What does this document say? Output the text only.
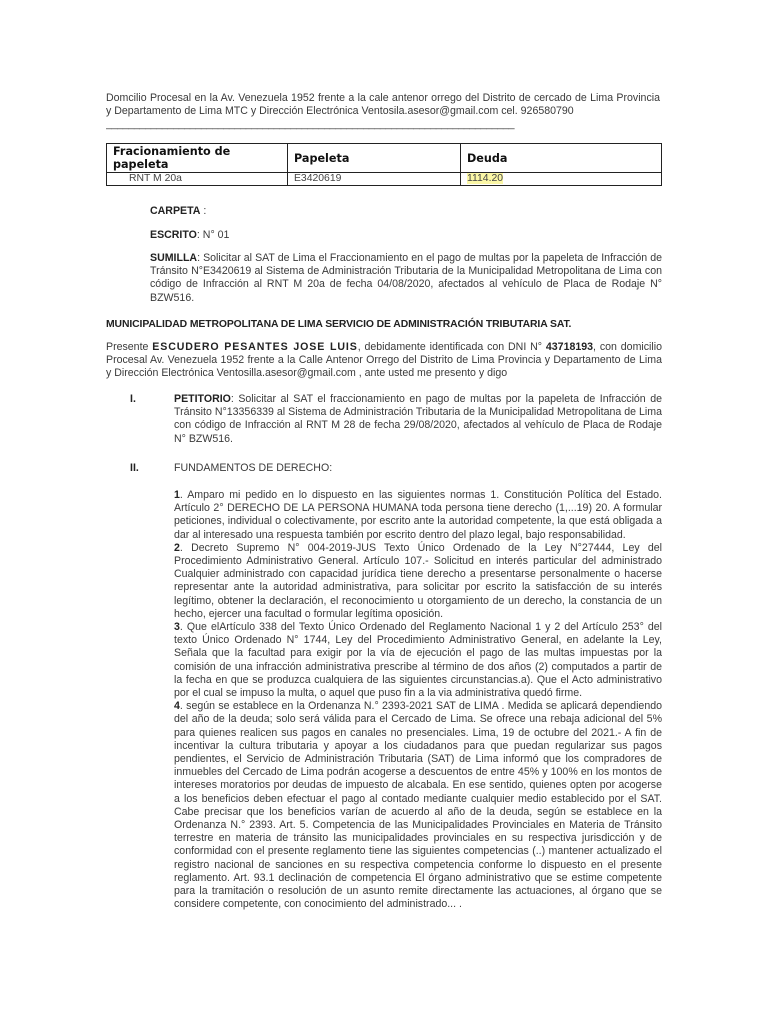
Domcilio Procesal en la Av. Venezuela 1952 frente a la cale antenor orrego del Distrito de cercado de Lima Provincia y Departamento de Lima MTC y Dirección Electrónica Ventosila.asesor@gmail.com cel. 926580790

_________________________________________________________________________
Fracionamiento de papeleta	Papeleta	Deuda
RNT M 20a	E3420619	1114.20

CARPETA :

ESCRITO: N° 01

SUMILLA: Solicitar al SAT de Lima el Fraccionamiento en el pago de multas por la papeleta de Infracción de Tránsito N°E3420619 al Sistema de Administración Tributaria de la Municipalidad Metropolitana de Lima con código de Infracción al RNT M 20a de fecha 04/08/2020, afectados al vehículo de Placa de Rodaje N° BZW516.

MUNICIPALIDAD METROPOLITANA DE LIMA SERVICIO DE ADMINISTRACIÓN TRIBUTARIA SAT.

Presente ESCUDERO PESANTES JOSE LUIS, debidamente identificada con DNI N° 43718193, con domicilio Procesal Av. Venezuela 1952 frente a la Calle Antenor Orrego del Distrito de Lima Provincia y Departamento de Lima y Dirección Electrónica Ventosilla.asesor@gmail.com , ante usted me presento y digo

I.	PETITORIO: Solicitar al SAT el fraccionamiento en pago de multas por la papeleta de Infracción de Tránsito N°13356339 al Sistema de Administración Tributaria de la Municipalidad Metropolitana de Lima con código de Infracción al RNT M 28 de fecha 29/08/2020, afectados al vehículo de Placa de Rodaje N° BZW516.

II.	FUNDAMENTOS DE DERECHO:

1. Amparo mi pedido en lo dispuesto en las siguientes normas 1. Constitución Política del Estado. Artículo 2° DERECHO DE LA PERSONA HUMANA toda persona tiene derecho (1,...19) 20. A formular peticiones, individual o colectivamente, por escrito ante la autoridad competente, la que está obligada a dar al interesado una respuesta también por escrito dentro del plazo legal, bajo responsabilidad.

2. Decreto Supremo N° 004-2019-JUS Texto Único Ordenado de la Ley N°27444, Ley del Procedimiento Administrativo General. Artículo 107.- Solicitud en interés particular del administrado Cualquier administrado con capacidad jurídica tiene derecho a presentarse personalmente o hacerse representar ante la autoridad administrativa, para solicitar por escrito la satisfacción de su interés legítimo, obtener la declaración, el reconocimiento u otorgamiento de un derecho, la constancia de un hecho, ejercer una facultad o formular legítima oposición.

3. Que elArtículo 338 del Texto Único Ordenado del Reglamento Nacional 1 y 2 del Artículo 253° del texto Único Ordenado N° 1744, Ley del Procedimiento Administrativo General, en adelante la Ley, Señala que la facultad para exigir por la vía de ejecución el pago de las multas impuestas por la comisión de una infracción administrativa prescribe al término de dos años (2) computados a partir de la fecha en que se produzca cualquiera de las siguientes circunstancias.a). Que el Acto administrativo por el cual se impuso la multa, o aquel que puso fin a la via administrativa quedó firme.

4. según se establece en la Ordenanza N.° 2393-2021 SAT de LIMA . Medida se aplicará dependiendo del año de la deuda; solo será válida para el Cercado de Lima. Se ofrece una rebaja adicional del 5% para quienes realicen sus pagos en canales no presenciales. Lima, 19 de octubre del 2021.- A fin de incentivar la cultura tributaria y apoyar a los ciudadanos para que puedan regularizar sus pagos pendientes, el Servicio de Administración Tributaria (SAT) de Lima informó que los compradores de inmuebles del Cercado de Lima podrán acogerse a descuentos de entre 45% y 100% en los montos de intereses moratorios por deudas de impuesto de alcabala. En ese sentido, quienes opten por acogerse a los beneficios deben efectuar el pago al contado mediante cualquier medio establecido por el SAT. Cabe precisar que los beneficios varían de acuerdo al año de la deuda, según se establece en la Ordenanza N.° 2393. Art. 5. Competencia de las Municipalidades Provinciales en Materia de Tránsito terrestre en materia de tránsito las municipalidades provinciales en su respectiva jurisdicción y de conformidad con el presente reglamento tiene las siguientes competencias (..) mantener actualizado el registro nacional de sanciones en su respectiva competencia conforme lo dispuesto en el presente reglamento. Art. 93.1 declinación de competencia El órgano administrativo que se estime competente para la tramitación o resolución de un asunto remite directamente las actuaciones, al órgano que se considere competente, con conocimiento del administrado... .
